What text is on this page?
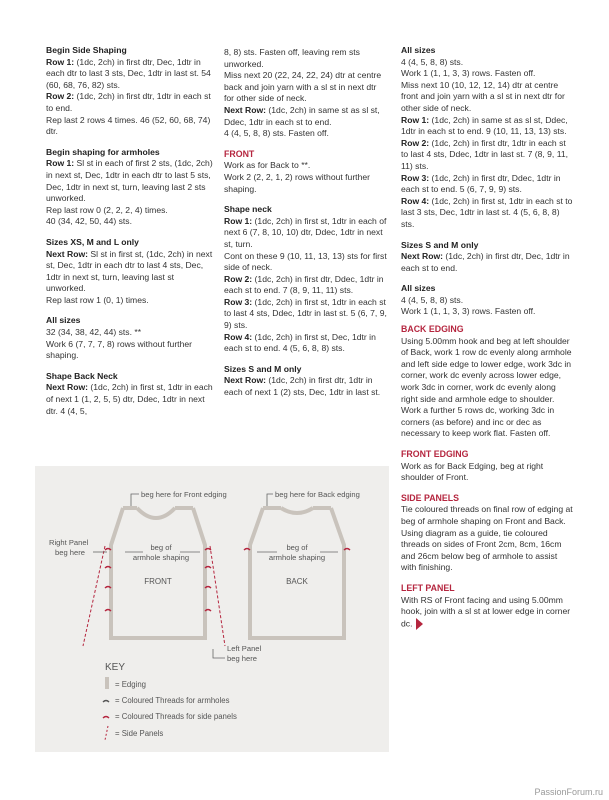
Begin Side Shaping

Row 1: (1dc, 2ch) in first dtr, Dec, 1dtr in each dtr to last 3 sts, Dec, 1dtr in last st. 54 (60, 68, 76, 82) sts.

Row 2: (1dc, 2ch) in first dtr, 1dtr in each st to end.

Rep last 2 rows 4 times. 46 (52, 60, 68, 74) dtr.

Begin shaping for armholes

Row 1: Sl st in each of first 2 sts, (1dc, 2ch) in next st, Dec, 1dtr in each dtr to last 5 sts, Dec, 1dtr in next st, turn, leaving last 2 sts unworked.

Rep last row 0 (2, 2, 2, 4) times.

40 (34, 42, 50, 44) sts.

Sizes XS, M and L only

Next Row: Sl st in first st, (1dc, 2ch) in next st, Dec, 1dtr in each dtr to last 4 sts, Dec, 1dtr in next st, turn, leaving last st unworked.

Rep last row 1 (0, 1) times.

All sizes

32 (34, 38, 42, 44) sts. **

Work 6 (7, 7, 7, 8) rows without further shaping.

Shape Back Neck

Next Row: (1dc, 2ch) in first st, 1dtr in each of next 1 (1, 2, 5, 5) dtr, Ddec, 1dtr in next dtr. 4 (4, 5,

8, 8) sts. Fasten off, leaving rem sts unworked.

Miss next 20 (22, 24, 22, 24) dtr at centre back and join yarn with a sl st in next dtr for other side of neck.

Next Row: (1dc, 2ch) in same st as sl st, Ddec, 1dtr in each st to end.

4 (4, 5, 8, 8) sts. Fasten off.

FRONT

Work as for Back to **.

Work 2 (2, 2, 1, 2) rows without further shaping.

Shape neck

Row 1: (1dc, 2ch) in first st, 1dtr in each of next 6 (7, 8, 10, 10) dtr, Ddec, 1dtr in next st, turn.

Cont on these 9 (10, 11, 13, 13) sts for first side of neck.

Row 2: (1dc, 2ch) in first dtr, Ddec, 1dtr in each st to end. 7 (8, 9, 11, 11) sts.

Row 3: (1dc, 2ch) in first st, 1dtr in each st to last 4 sts, Ddec, 1dtr in last st. 5 (6, 7, 9, 9) sts.

Row 4: (1dc, 2ch) in first st, Dec, 1dtr in each st to end. 4 (5, 6, 8, 8) sts.

Sizes S and M only

Next Row: (1dc, 2ch) in first dtr, 1dtr in each of next 1 (2) sts, Dec, 1dtr in last st.

All sizes

4 (4, 5, 8, 8) sts.

Work 1 (1, 1, 3, 3) rows. Fasten off.

Miss next 10 (10, 12, 12, 14) dtr at centre front and join yarn with a sl st in next dtr for other side of neck.

Row 1: (1dc, 2ch) in same st as sl st, Ddec, 1dtr in each st to end. 9 (10, 11, 13, 13) sts.

Row 2: (1dc, 2ch) in first dtr, 1dtr in each st to last 4 sts, Ddec, 1dtr in last st. 7 (8, 9, 11, 11) sts.

Row 3: (1dc, 2ch) in first dtr, Ddec, 1dtr in each st to end. 5 (6, 7, 9, 9) sts.

Row 4: (1dc, 2ch) in first st, 1dtr in each st to last 3 sts, Dec, 1dtr in last st. 4 (5, 6, 8, 8) sts.

Sizes S and M only

Next Row: (1dc, 2ch) in first dtr, Dec, 1dtr in each st to end.

All sizes

4 (4, 5, 8, 8) sts.

Work 1 (1, 1, 3, 3) rows. Fasten off.

BACK EDGING

Using 5.00mm hook and beg at left shoulder of Back, work 1 row dc evenly along armhole and left side edge to lower edge, work 3dc in corner, work dc evenly across lower edge, work 3dc in corner, work dc evenly along right side and armhole edge to shoulder.

Work a further 5 rows dc, working 3dc in corners (as before) and inc or dec as necessary to keep work flat. Fasten off.

FRONT EDGING

Work as for Back Edging, beg at right shoulder of Front.

SIDE PANELS

Tie coloured threads on final row of edging at beg of armhole shaping on Front and Back.

Using diagram as a guide, tie coloured threads on sides of Front 2cm, 8cm, 16cm and 26cm below beg of armhole to assist with finishing.

LEFT PANEL

With RS of Front facing and using 5.00mm hook, join with a sl st at lower edge in corner dc.

beg here for Front edging	beg here for Back edging
Right Panel
beg here
beg of
armhole shaping
beg of
armhole shaping
FRONT	BACK
Left Panel
beg here
KEY
= Edging
= Coloured Threads for armholes
= Coloured Threads for side panels
= Side Panels
PassionForum.ru
